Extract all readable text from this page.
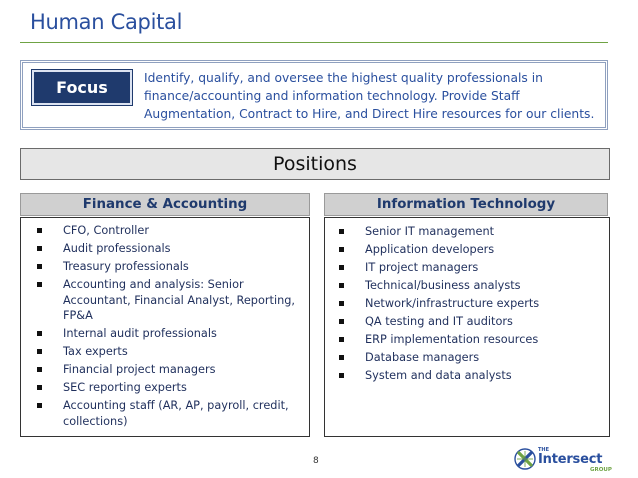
Human Capital
Focus	Identify, qualify, and oversee the highest quality professionals in finance/accounting and information technology. Provide Staff Augmentation, Contract to Hire, and Direct Hire resources for our clients.
Positions
Finance & Accounting
CFO, Controller
Audit professionals
Treasury professionals
Accounting and analysis: Senior Accountant, Financial Analyst, Reporting, FP&A
Internal audit professionals
Tax experts
Financial project managers
SEC reporting experts
Accounting staff (AR, AP, payroll, credit, collections)
Information Technology
Senior IT management
Application developers
IT project managers
Technical/business analysts
Network/infrastructure experts
QA testing and IT auditors
ERP implementation resources
Database managers
System and data analysts
8
THE
Intersect
GROUP
